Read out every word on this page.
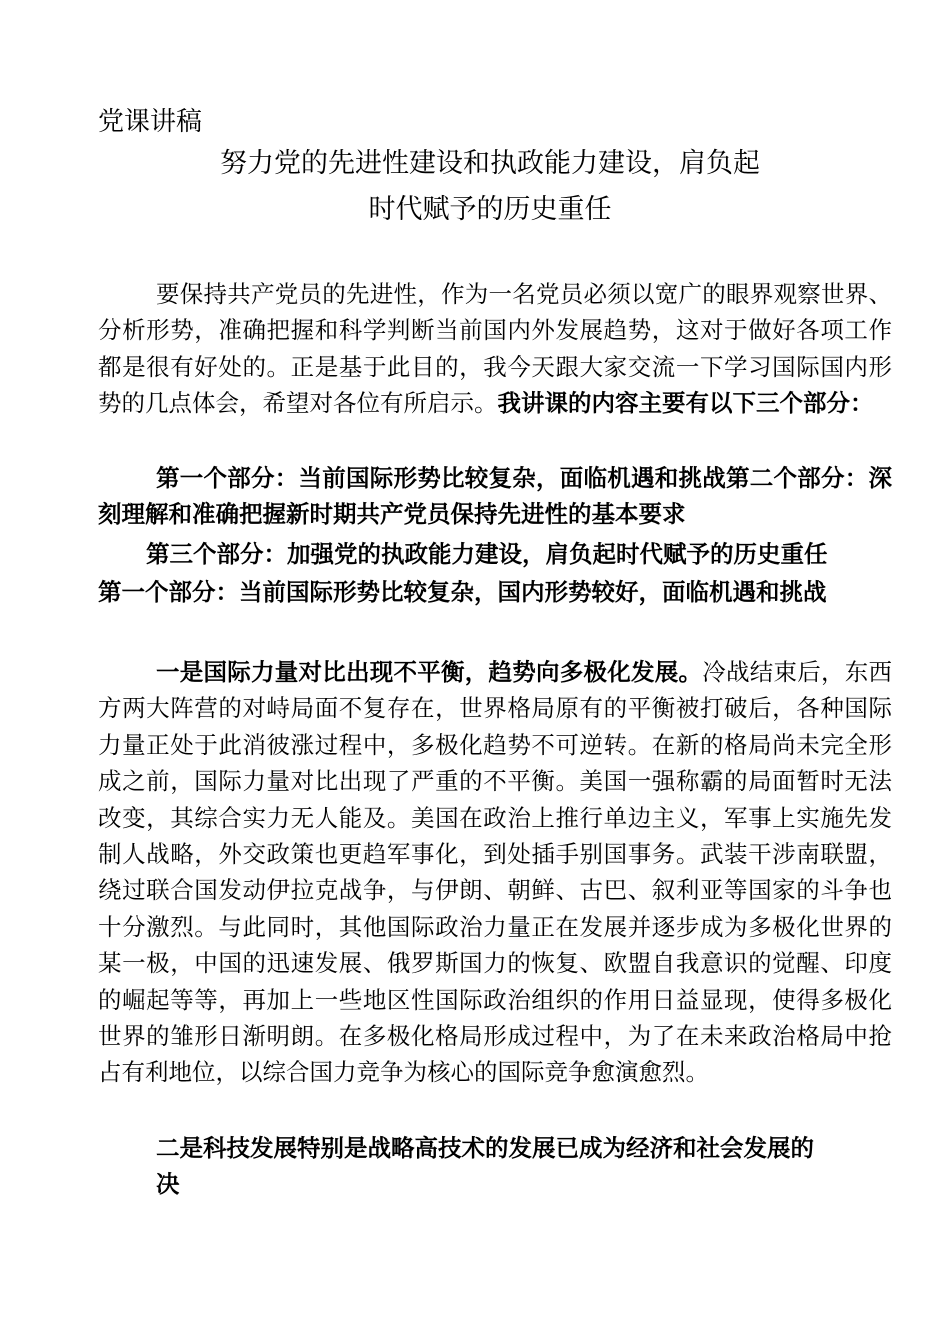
党课讲稿
努力党的先进性建设和执政能力建设，肩负起
时代赋予的历史重任
要保持共产党员的先进性，作为一名党员必须以宽广的眼界观察世界、分析形势，准确把握和科学判断当前国内外发展趋势，这对于做好各项工作都是很有好处的。正是基于此目的，我今天跟大家交流一下学习国际国内形势的几点体会，希望对各位有所启示。我讲课的内容主要有以下三个部分：
第一个部分：当前国际形势比较复杂，面临机遇和挑战第二个部分：深刻理解和准确把握新时期共产党员保持先进性的基本要求
第三个部分：加强党的执政能力建设，肩负起时代赋予的历史重任
第一个部分：当前国际形势比较复杂，国内形势较好，面临机遇和挑战
一是国际力量对比出现不平衡，趋势向多极化发展。冷战结束后，东西方两大阵营的对峙局面不复存在，世界格局原有的平衡被打破后，各种国际力量正处于此消彼涨过程中，多极化趋势不可逆转。在新的格局尚未完全形成之前，国际力量对比出现了严重的不平衡。美国一强称霸的局面暂时无法改变，其综合实力无人能及。美国在政治上推行单边主义，军事上实施先发制人战略，外交政策也更趋军事化，到处插手别国事务。武装干涉南联盟，绕过联合国发动伊拉克战争，与伊朗、朝鲜、古巴、叙利亚等国家的斗争也十分激烈。与此同时，其他国际政治力量正在发展并逐步成为多极化世界的某一极，中国的迅速发展、俄罗斯国力的恢复、欧盟自我意识的觉醒、印度的崛起等等，再加上一些地区性国际政治组织的作用日益显现，使得多极化世界的雏形日渐明朗。在多极化格局形成过程中，为了在未来政治格局中抢占有利地位，以综合国力竞争为核心的国际竞争愈演愈烈。
二是科技发展特别是战略高技术的发展已成为经济和社会发展的
决
